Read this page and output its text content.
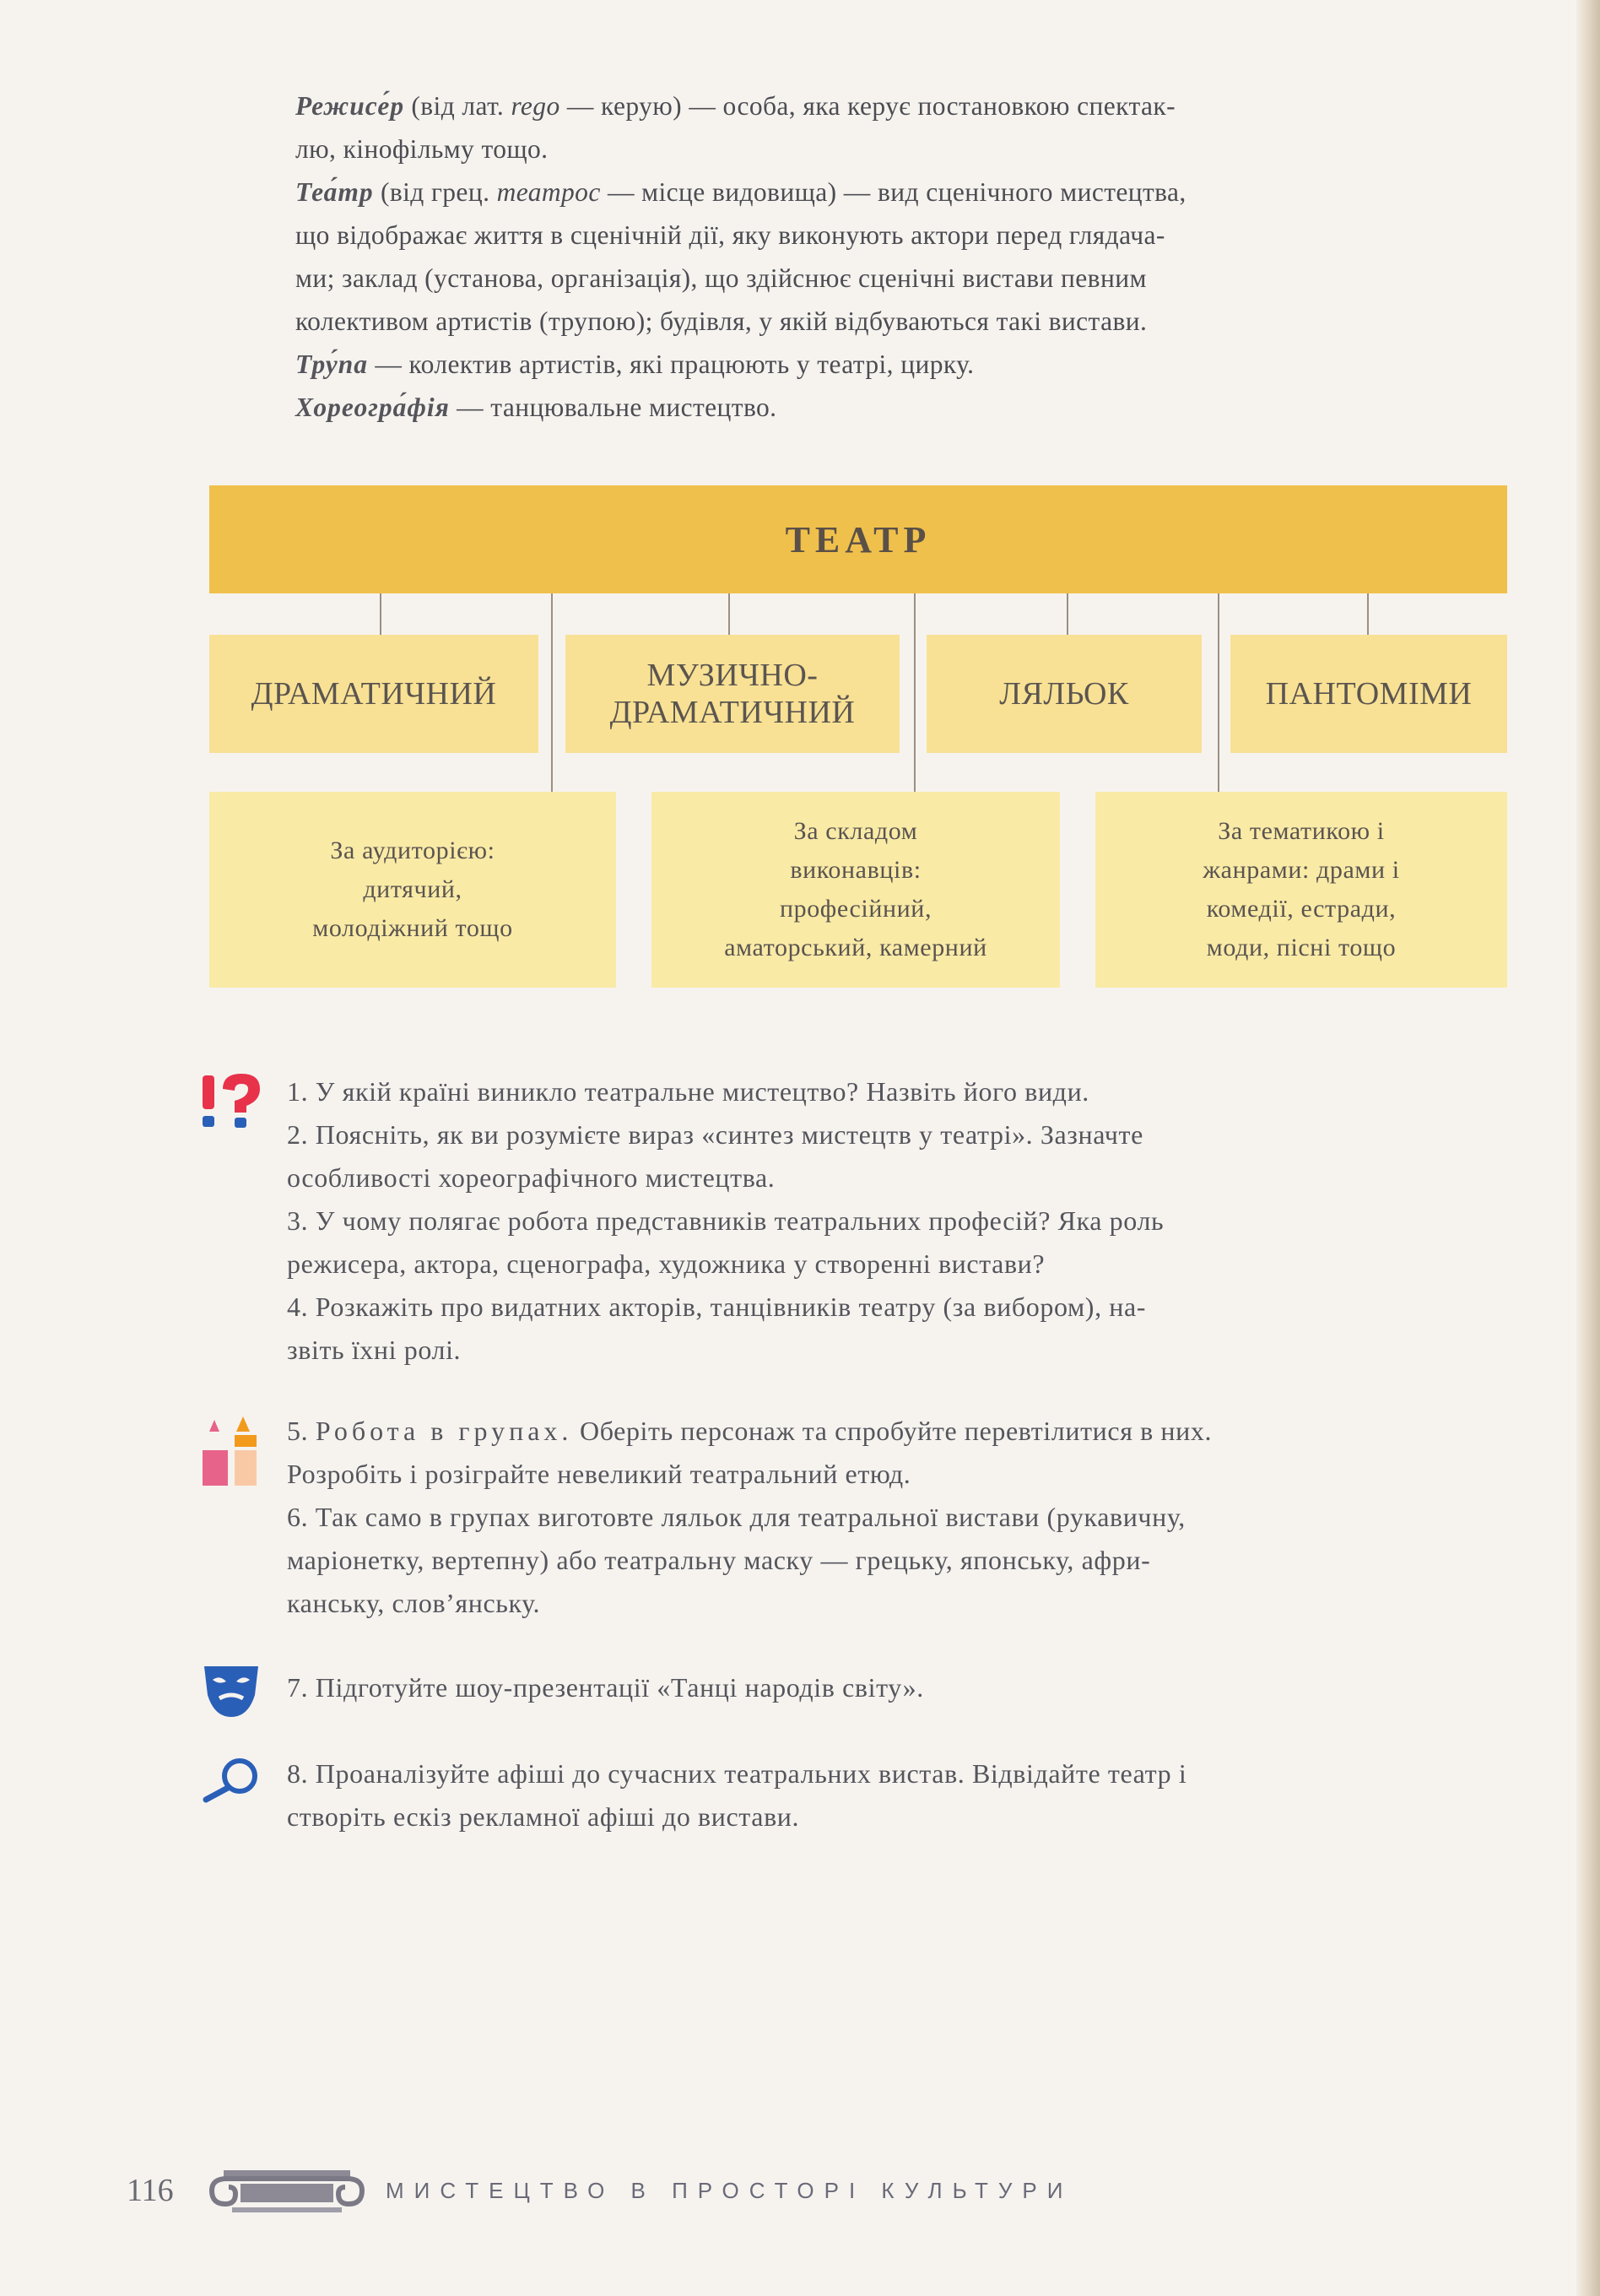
Режисе́р (від лат. rego — керую) — особа, яка керує постановкою спектак-
лю, кінофільму тощо.

Теа́тр (від грец. театрос — місце видовища) — вид сценічного мистецтва,
що відображає життя в сценічній дії, яку виконують актори перед глядача-
ми; заклад (установа, організація), що здійснює сценічні вистави певним
колективом артистів (трупою); будівля, у якій відбуваються такі вистави.

Тру́па — колектив артистів, які працюють у театрі, цирку.

Хореогра́фія — танцювальне мистецтво.

ТЕАТР
ДРАМАТИЧНИЙ
МУЗИЧНО-
ДРАМАТИЧНИЙ
ЛЯЛЬОК	ПАНТОМІМИ
За аудиторією:
дитячий,
молодіжний тощо
За складом
виконавців:
професійний,
аматорський, камерний
За тематикою і
жанрами: драми і
комедії, естради,
моди, пісні тощо

1. У якій країні виникло театральне мистецтво? Назвіть його види.

2. Поясніть, як ви розумієте вираз «синтез мистецтв у театрі». Зазначте

особливості хореографічного мистецтва.

3. У чому полягає робота представників театральних професій? Яка роль

режисера, актора, сценографа, художника у створенні вистави?

4. Розкажіть про видатних акторів, танцівників театру (за вибором), на-

звіть їхні ролі.

5. Робота в групах. Оберіть персонаж та спробуйте перевтілитися в них.

Розробіть і розіграйте невеликий театральний етюд.

6. Так само в групах виготовте ляльок для театральної вистави (рукавичну,

маріонетку, вертепну) або театральну маску — грецьку, японську, афри-

канську, слов’янську.

7. Підготуйте шоу-презентації «Танці народів світу».

8. Проаналізуйте афіші до сучасних театральних вистав. Відвідайте театр і

створіть ескіз рекламної афіші до вистави.

116	МИСТЕЦТВО В ПРОСТОРІ КУЛЬТУРИ
